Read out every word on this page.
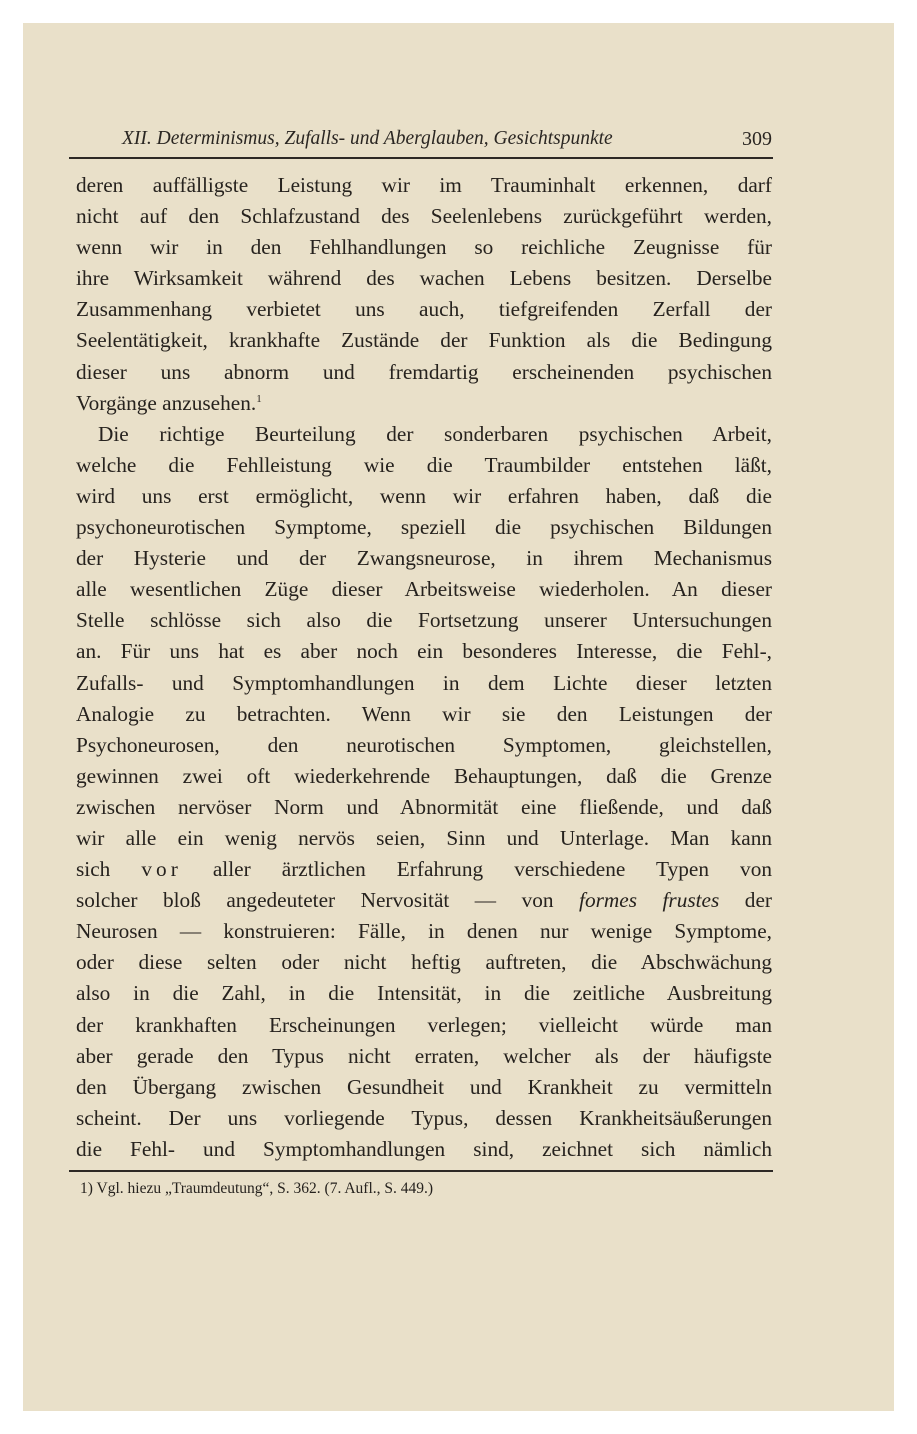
XII. Determinismus, Zufalls- und Aberglauben, Gesichtspunkte	309
deren auffälligste Leistung wir im Trauminhalt erkennen, darf
nicht auf den Schlafzustand des Seelenlebens zurückgeführt werden,
wenn wir in den Fehlhandlungen so reichliche Zeugnisse für
ihre Wirksamkeit während des wachen Lebens besitzen. Derselbe
Zusammenhang verbietet uns auch, tiefgreifenden Zerfall der
Seelentätigkeit, krankhafte Zustände der Funktion als die Bedingung
dieser uns abnorm und fremdartig erscheinenden psychischen
Vorgänge anzusehen.$^1$
Die richtige Beurteilung der sonderbaren psychischen Arbeit,
welche die Fehlleistung wie die Traumbilder entstehen läßt,
wird uns erst ermöglicht, wenn wir erfahren haben, daß die
psychoneurotischen Symptome, speziell die psychischen Bildungen
der Hysterie und der Zwangsneurose, in ihrem Mechanismus
alle wesentlichen Züge dieser Arbeitsweise wiederholen. An dieser
Stelle schlösse sich also die Fortsetzung unserer Untersuchungen
an. Für uns hat es aber noch ein besonderes Interesse, die Fehl-,
Zufalls- und Symptomhandlungen in dem Lichte dieser letzten
Analogie zu betrachten. Wenn wir sie den Leistungen der
Psychoneurosen, den neurotischen Symptomen, gleichstellen,
gewinnen zwei oft wiederkehrende Behauptungen, daß die Grenze
zwischen nervöser Norm und Abnormität eine fließende, und daß
wir alle ein wenig nervös seien, Sinn und Unterlage. Man kann
sich vor aller ärztlichen Erfahrung verschiedene Typen von
solcher bloß angedeuteter Nervosität — von formes frustes der
Neurosen — konstruieren: Fälle, in denen nur wenige Symptome,
oder diese selten oder nicht heftig auftreten, die Abschwächung
also in die Zahl, in die Intensität, in die zeitliche Ausbreitung
der krankhaften Erscheinungen verlegen; vielleicht würde man
aber gerade den Typus nicht erraten, welcher als der häufigste
den Übergang zwischen Gesundheit und Krankheit zu vermitteln
scheint. Der uns vorliegende Typus, dessen Krankheitsäußerungen
die Fehl- und Symptomhandlungen sind, zeichnet sich nämlich
1) Vgl. hiezu „Traumdeutung“, S. 362. (7. Aufl., S. 449.)
